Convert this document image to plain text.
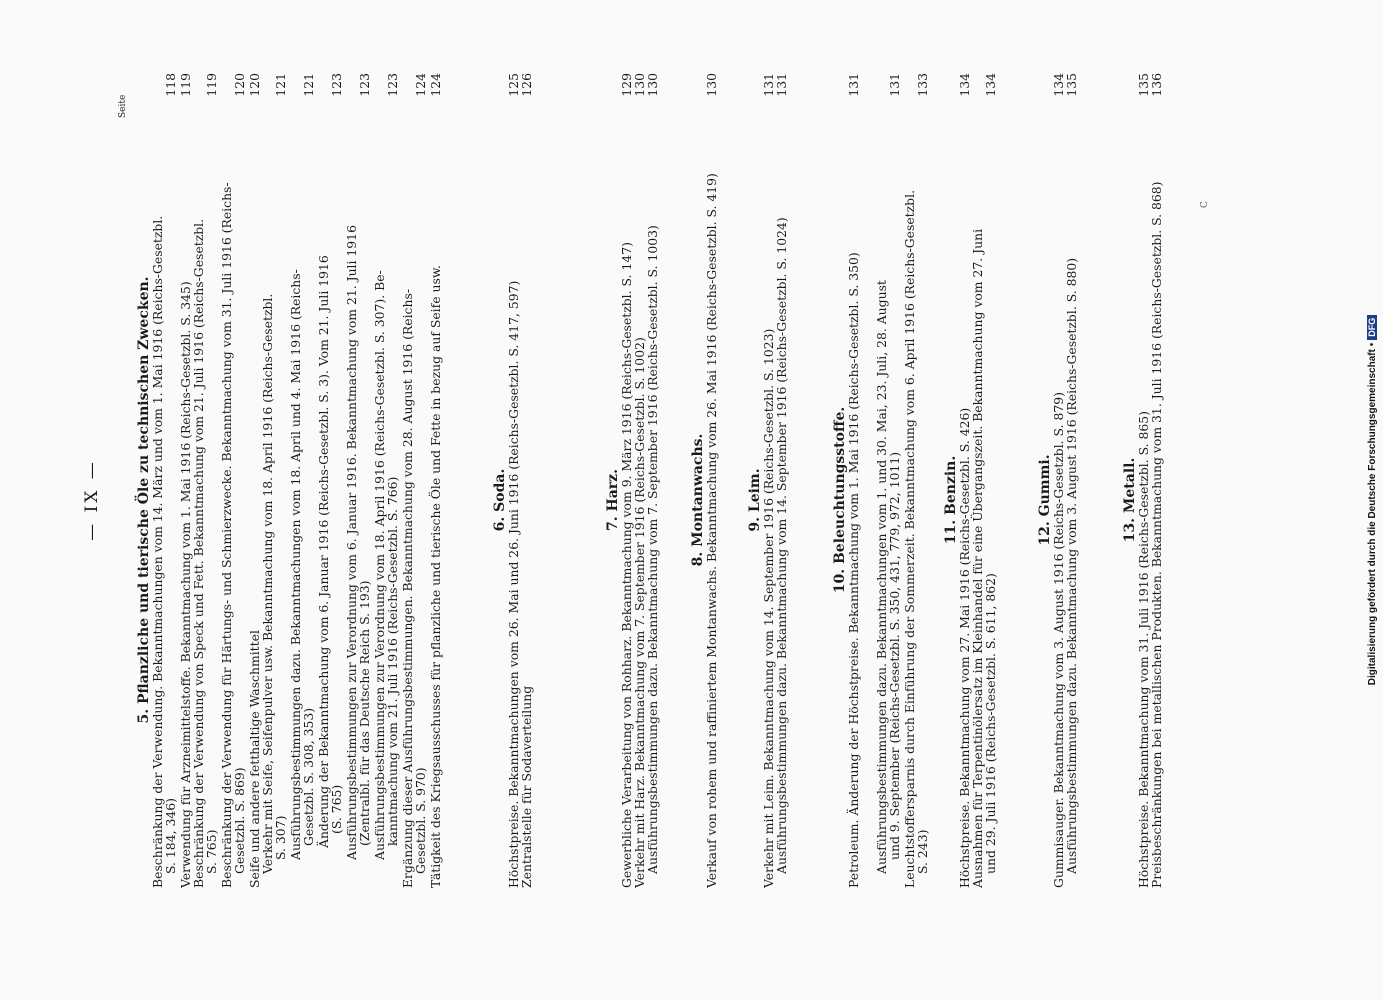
— IX —
Seite
5. Pflanzliche und tierische Öle zu technischen Zwecken.
Beschränkung der Verwendung. Bekanntmachungen vom 14. März und vom 1. Mai 1916 (Reichs-Gesetzbl.
S. 184, 346)
118
Verwendung für Arzneimittelstoffe. Bekanntmachung vom 1. Mai 1916 (Reichs-Gesetzbl. S. 345)
119
Beschränkung der Verwendung von Speck und Fett. Bekanntmachung vom 21. Juli 1916 (Reichs-Gesetzbl.
S. 765)
119
Beschränkung der Verwendung für Härtungs- und Schmierzwecke. Bekanntmachung vom 31. Juli 1916 (Reichs-
Gesetzbl. S. 869)
120
Seife und andere fetthaltige Waschmittel
120
Verkehr mit Seife, Seifenpulver usw. Bekanntmachung vom 18. April 1916 (Reichs-Gesetzbl.
S. 307)
121
Ausführungsbestimmungen dazu. Bekanntmachungen vom 18. April und 4. Mai 1916 (Reichs-
Gesetzbl. S. 308, 353)
121
Änderung der Bekanntmachung vom 6. Januar 1916 (Reichs-Gesetzbl. S. 3). Vom 21. Juli 1916
(S. 765)
123
Ausführungsbestimmungen zur Verordnung vom 6. Januar 1916. Bekanntmachung vom 21. Juli 1916
(Zentralbl. für das Deutsche Reich S. 193)
123
Ausführungsbestimmungen zur Verordnung vom 18. April 1916 (Reichs-Gesetzbl. S. 307). Be-
kanntmachung vom 21. Juli 1916 (Reichs-Gesetzbl. S. 766)
123
Ergänzung dieser Ausführungsbestimmungen. Bekanntmachung vom 28. August 1916 (Reichs-
Gesetzbl. S. 970)
124
Tätigkeit des Kriegsausschusses für pflanzliche und tierische Öle und Fette in bezug auf Seife usw.
124
6. Soda.
Höchstpreise. Bekanntmachungen vom 26. Mai und 26. Juni 1916 (Reichs-Gesetzbl. S. 417, 597)
125
Zentralstelle für Sodaverteilung
126
7. Harz.
Gewerbliche Verarbeitung von Rohharz. Bekanntmachung vom 9. März 1916 (Reichs-Gesetzbl. S. 147)
129
Verkehr mit Harz. Bekanntmachung vom 7. September 1916 (Reichs-Gesetzbl. S. 1002)
130
Ausführungsbestimmungen dazu. Bekanntmachung vom 7. September 1916 (Reichs-Gesetzbl. S. 1003)
130
8. Montanwachs.
Verkauf von rohem und raffiniertem Montanwachs. Bekanntmachung vom 26. Mai 1916 (Reichs-Gesetzbl. S. 419)
130
9. Leim.
Verkehr mit Leim. Bekanntmachung vom 14. September 1916 (Reichs-Gesetzbl. S. 1023)
131
Ausführungsbestimmungen dazu. Bekanntmachung vom 14. September 1916 (Reichs-Gesetzbl. S. 1024)
131
10. Beleuchtungsstoffe.
Petroleum. Änderung der Höchstpreise. Bekanntmachung vom 1. Mai 1916 (Reichs-Gesetzbl. S. 350)
131
Ausführungsbestimmungen dazu. Bekanntmachungen vom 1. und 30. Mai, 23. Juli, 28. August
und 9. September (Reichs-Gesetzbl. S. 350, 431, 779, 972, 1011)
131
Leuchtstoffersparnis durch Einführung der Sommerzeit. Bekanntmachung vom 6. April 1916 (Reichs-Gesetzbl.
S. 243)
133
11. Benzin.
Höchstpreise. Bekanntmachung vom 27. Mai 1916 (Reichs-Gesetzbl. S. 426)
134
Ausnahmen für Terpentinölersatz im Kleinhandel für eine Übergangszeit. Bekanntmachung vom 27. Juni
und 29. Juli 1916 (Reichs-Gesetzbl. S. 611, 862)
134
12. Gummi.
Gummisauger. Bekanntmachung vom 3. August 1916 (Reichs-Gesetzbl. S. 879)
134
Ausführungsbestimmungen dazu. Bekanntmachung vom 3. August 1916 (Reichs-Gesetzbl. S. 880)
135
13. Metall.
Höchstpreise. Bekanntmachung vom 31. Juli 1916 (Reichs-Gesetzbl. S. 865)
135
Preisbeschränkungen bei metallischen Produkten. Bekanntmachung vom 31. Juli 1916 (Reichs-Gesetzbl. S. 868)
136
C
Digitalisierung gefördert durch die Deutsche Forschungsgemeinschaft •DFG
